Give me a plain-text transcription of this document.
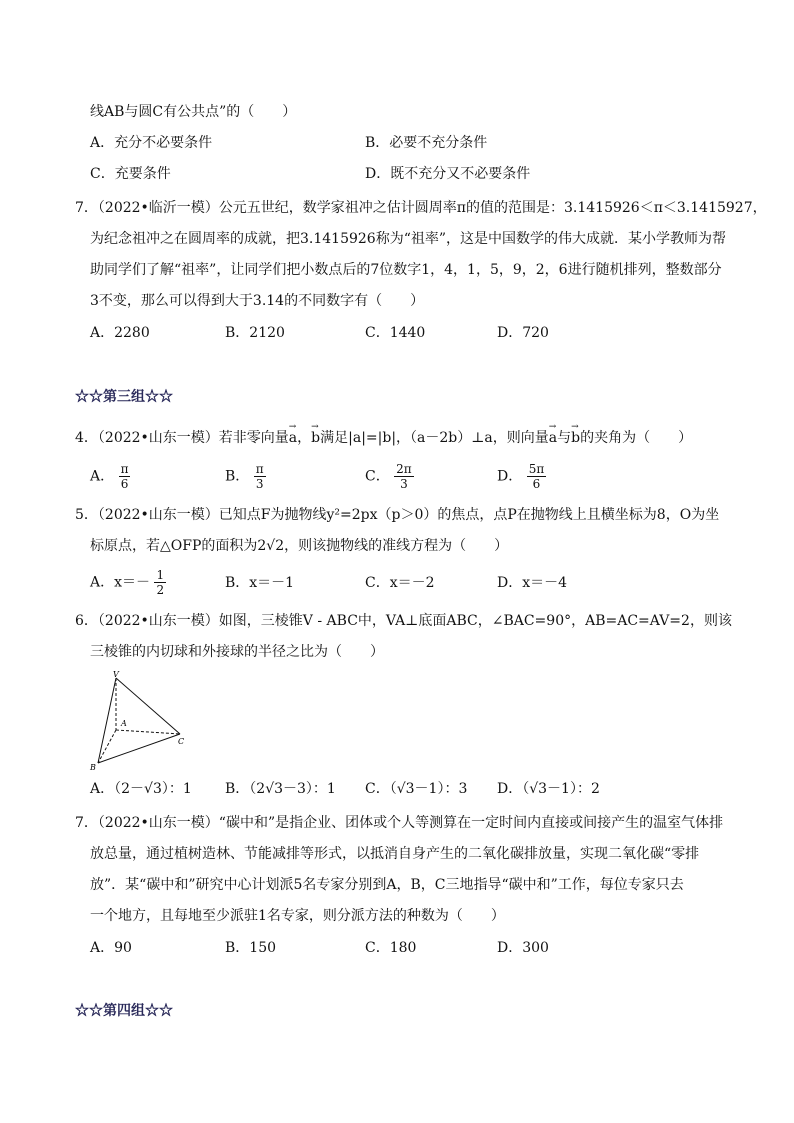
线AB与圆C有公共点”的（　　）
A．充分不必要条件	B．必要不充分条件
C．充要条件	D．既不充分又不必要条件
7．（2022•临沂一模）公元五世纪，数学家祖冲之估计圆周率π的值的范围是：3.1415926＜π＜3.1415927，
为纪念祖冲之在圆周率的成就，把3.1415926称为“祖率”，这是中国数学的伟大成就．某小学教师为帮
助同学们了解“祖率”，让同学们把小数点后的7位数字1，4，1，5，9，2，6进行随机排列，整数部分
3不变，那么可以得到大于3.14的不同数字有（　　）
A．2280	B．2120	C．1440	D．720
☆☆第三组☆☆
4．（2022•山东一模）若非零向量→ a，→ b满足|a|=|b|，（a－2b）⊥a，则向量→ a与→ b的夹角为（　　）
A． $\frac{\pi}{6}$	B． $\frac{\pi}{3}$	C． $\frac{2\pi}{3}$	D． $\frac{5\pi}{6}$
5．（2022•山东一模）已知点F为抛物线y²=2px（p＞0）的焦点，点P在抛物线上且横坐标为8，O为坐
标原点，若△OFP的面积为2√2，则该抛物线的准线方程为（　　）
A．$x=- \frac{1}{2}$	B．x＝－1	C．x＝－2	D．x＝－4
6．（2022•山东一模）如图，三棱锥V - ABC中，VA⊥底面ABC，∠BAC=90°，AB=AC=AV=2，则该
三棱锥的内切球和外接球的半径之比为（　　）
V
A
B
C
A．（2－√3）：1 B．（2√3－3）：1 C．（√3－1）：3 D．（√3－1）：2
7．（2022•山东一模）“碳中和”是指企业、团体或个人等测算在一定时间内直接或间接产生的温室气体排
放总量，通过植树造林、节能减排等形式，以抵消自身产生的二氧化碳排放量，实现二氧化碳“零排
放”．某“碳中和”研究中心计划派5名专家分别到A，B，C三地指导“碳中和”工作，每位专家只去
一个地方，且每地至少派驻1名专家，则分派方法的种数为（　　）
A．90	B．150	C．180	D．300
☆☆第四组☆☆
